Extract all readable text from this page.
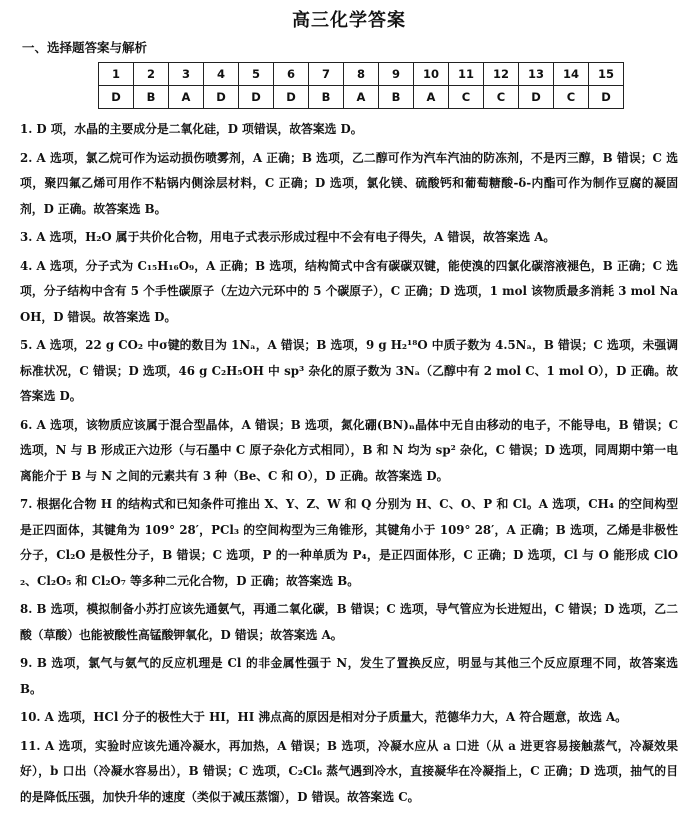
高三化学答案
一、选择题答案与解析
1	2	3	4	5	6	7	8	9	10	11	12	13	14	15
D	B	A	D	D	D	B	A	B	A	C	C	D	C	D
1. D 项，水晶的主要成分是二氧化硅，D 项错误，故答案选 D。
2. A 选项，氯乙烷可作为运动损伤喷雾剂，A 正确；B 选项，乙二醇可作为汽车汽油的防冻剂，不是丙三醇，B 错误；C 选项，聚四氟乙烯可用作不粘锅内侧涂层材料，C 正确；D 选项，氯化镁、硫酸钙和葡萄糖酸-δ-内酯可作为制作豆腐的凝固剂，D 正确。故答案选 B。
3. A 选项，H₂O 属于共价化合物，用电子式表示形成过程中不会有电子得失，A 错误，故答案选 A。
4. A 选项，分子式为 C₁₅H₁₆O₉，A 正确；B 选项，结构简式中含有碳碳双键，能使溴的四氯化碳溶液褪色，B 正确；C 选项，分子结构中含有 5 个手性碳原子（左边六元环中的 5 个碳原子），C 正确；D 选项，1 mol 该物质最多消耗 3 mol NaOH，D 错误。故答案选 D。
5. A 选项，22 g CO₂ 中σ键的数目为 1Nₐ，A 错误；B 选项，9 g H₂¹⁸O 中质子数为 4.5Nₐ，B 错误；C 选项，未强调标准状况，C 错误；D 选项，46 g C₂H₅OH 中 sp³ 杂化的原子数为 3Nₐ（乙醇中有 2 mol C、1 mol O），D 正确。故答案选 D。
6. A 选项，该物质应该属于混合型晶体，A 错误；B 选项，氮化硼(BN)ₙ晶体中无自由移动的电子，不能导电，B 错误；C 选项，N 与 B 形成正六边形（与石墨中 C 原子杂化方式相同），B 和 N 均为 sp² 杂化，C 错误；D 选项，同周期中第一电离能介于 B 与 N 之间的元素共有 3 种（Be、C 和 O），D 正确。故答案选 D。
7. 根据化合物 H 的结构式和已知条件可推出 X、Y、Z、W 和 Q 分别为 H、C、O、P 和 Cl。A 选项，CH₄ 的空间构型是正四面体，其键角为 109° 28′，PCl₃ 的空间构型为三角锥形，其键角小于 109° 28′，A 正确；B 选项，乙烯是非极性分子，Cl₂O 是极性分子，B 错误；C 选项，P 的一种单质为 P₄，是正四面体形，C 正确；D 选项，Cl 与 O 能形成 ClO₂、Cl₂O₅ 和 Cl₂O₇ 等多种二元化合物，D 正确；故答案选 B。
8. B 选项，模拟制备小苏打应该先通氨气，再通二氧化碳，B 错误；C 选项，导气管应为长进短出，C 错误；D 选项，乙二酸（草酸）也能被酸性高锰酸钾氧化，D 错误；故答案选 A。
9. B 选项，氯气与氨气的反应机理是 Cl 的非金属性强于 N，发生了置换反应，明显与其他三个反应原理不同，故答案选 B。
10. A 选项，HCl 分子的极性大于 HI，HI 沸点高的原因是相对分子质量大，范德华力大，A 符合题意，故选 A。
11. A 选项，实验时应该先通冷凝水，再加热，A 错误；B 选项，冷凝水应从 a 口进（从 a 进更容易接触蒸气，冷凝效果好），b 口出（冷凝水容易出），B 错误；C 选项，C₂Cl₆ 蒸气遇到冷水，直接凝华在冷凝指上，C 正确；D 选项，抽气的目的是降低压强，加快升华的速度（类似于减压蒸馏），D 错误。故答案选 C。
